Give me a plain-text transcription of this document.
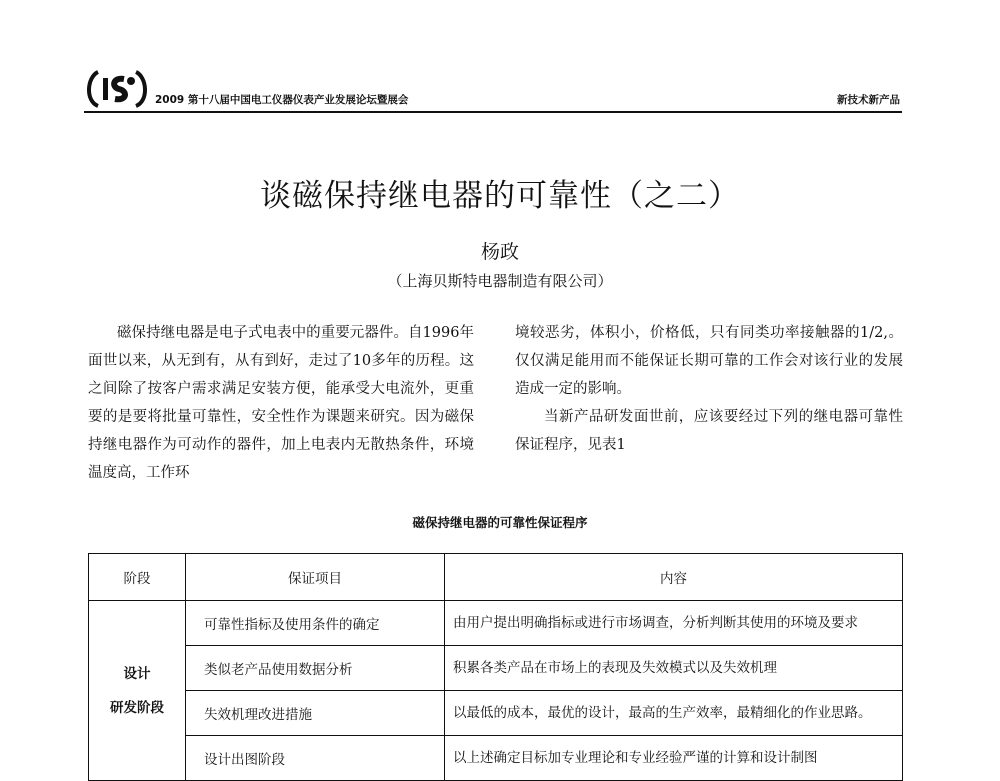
2009 第十八届中国电工仪器仪表产业发展论坛暨展会	新技术新产品
谈磁保持继电器的可靠性（之二）
杨政
（上海贝斯特电器制造有限公司）

磁保持继电器是电子式电表中的重要元器件。自1996年面世以来，从无到有，从有到好，走过了10多年的历程。这之间除了按客户需求满足安装方便，能承受大电流外，更重要的是要将批量可靠性，安全性作为课题来研究。因为磁保持继电器作为可动作的器件，加上电表内无散热条件，环境温度高，工作环

境较恶劣，体积小，价格低，只有同类功率接触器的1/2,。仅仅满足能用而不能保证长期可靠的工作会对该行业的发展造成一定的影响。

当新产品研发面世前，应该要经过下列的继电器可靠性保证程序，见表1

磁保持继电器的可靠性保证程序
阶段	保证项目	内容

设计
研发阶段	可靠性指标及使用条件的确定	由用户提出明确指标或进行市场调查，分析判断其使用的环境及要求
	类似老产品使用数据分析	积累各类产品在市场上的表现及失效模式以及失效机理
	失效机理改进措施	以最低的成本，最优的设计，最高的生产效率，最精细化的作业思路。
	设计出图阶段	以上述确定目标加专业理论和专业经验严谨的计算和设计制图
